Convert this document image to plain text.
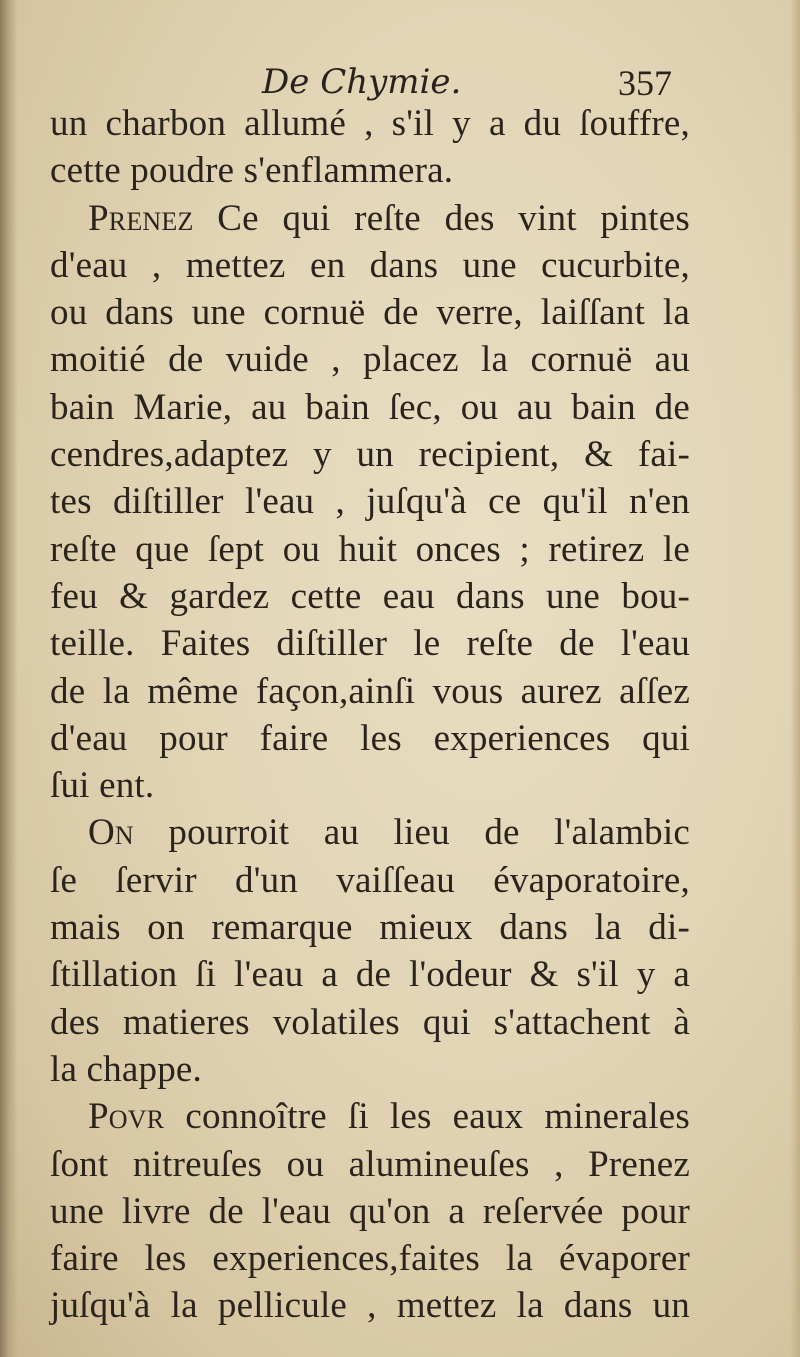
De Chymie.	357
un charbon allumé , s'il y a du ſouffre,
cette poudre s'enflammera.
Prenez Ce qui reſte des vint pintes
d'eau , mettez en dans une cucurbite,
ou dans une cornuë de verre, laiſſant la
moitié de vuide , placez la cornuë au
bain Marie, au bain ſec, ou au bain de
cendres,adaptez y un recipient, & fai-
tes diſtiller l'eau , juſqu'à ce qu'il n'en
reſte que ſept ou huit onces ; retirez le
feu & gardez cette eau dans une bou-
teille. Faites diſtiller le reſte de l'eau
de la même façon,ainſi vous aurez aſſez
d'eau pour faire les experiences qui
ſui ent.
On pourroit au lieu de l'alambic
ſe ſervir d'un vaiſſeau évaporatoire,
mais on remarque mieux dans la di-
ſtillation ſi l'eau a de l'odeur & s'il y a
des matieres volatiles qui s'attachent à
la chappe.
Povr connoître ſi les eaux minerales
ſont nitreuſes ou alumineuſes , Prenez
une livre de l'eau qu'on a reſervée pour
faire les experiences,faites la évaporer
juſqu'à la pellicule , mettez la dans un
